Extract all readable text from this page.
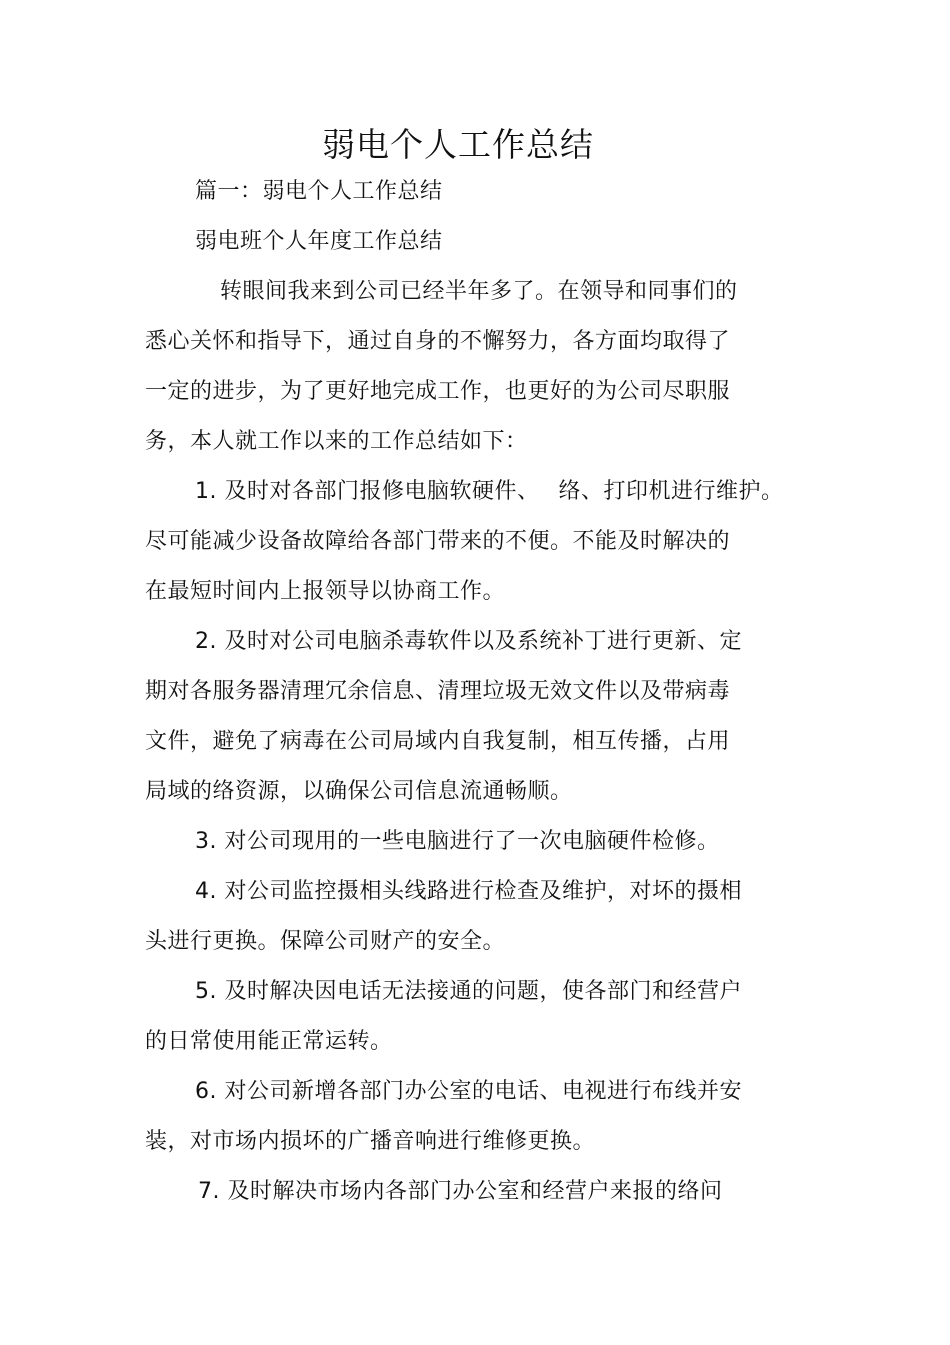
弱电个人工作总结
篇一：弱电个人工作总结
弱电班个人年度工作总结
转眼间我来到公司已经半年多了。在领导和同事们的
悉心关怀和指导下，通过自身的不懈努力，各方面均取得了
一定的进步，为了更好地完成工作，也更好的为公司尽职服
务，本人就工作以来的工作总结如下：
1. 及时对各部门报修电脑软硬件、　 络、打印机进行维护。
尽可能减少设备故障给各部门带来的不便。不能及时解决的
在最短时间内上报领导以协商工作。
2. 及时对公司电脑杀毒软件以及系统补丁进行更新、定
期对各服务器清理冗余信息、清理垃圾无效文件以及带病毒
文件，避免了病毒在公司局域内自我复制，相互传播，占用
局域的络资源，以确保公司信息流通畅顺。
3. 对公司现用的一些电脑进行了一次电脑硬件检修。
4. 对公司监控摄相头线路进行检查及维护，对坏的摄相
头进行更换。保障公司财产的安全。
5. 及时解决因电话无法接通的问题，使各部门和经营户
的日常使用能正常运转。
6. 对公司新增各部门办公室的电话、电视进行布线并安
装，对市场内损坏的广播音响进行维修更换。
7. 及时解决市场内各部门办公室和经营户来报的络问
